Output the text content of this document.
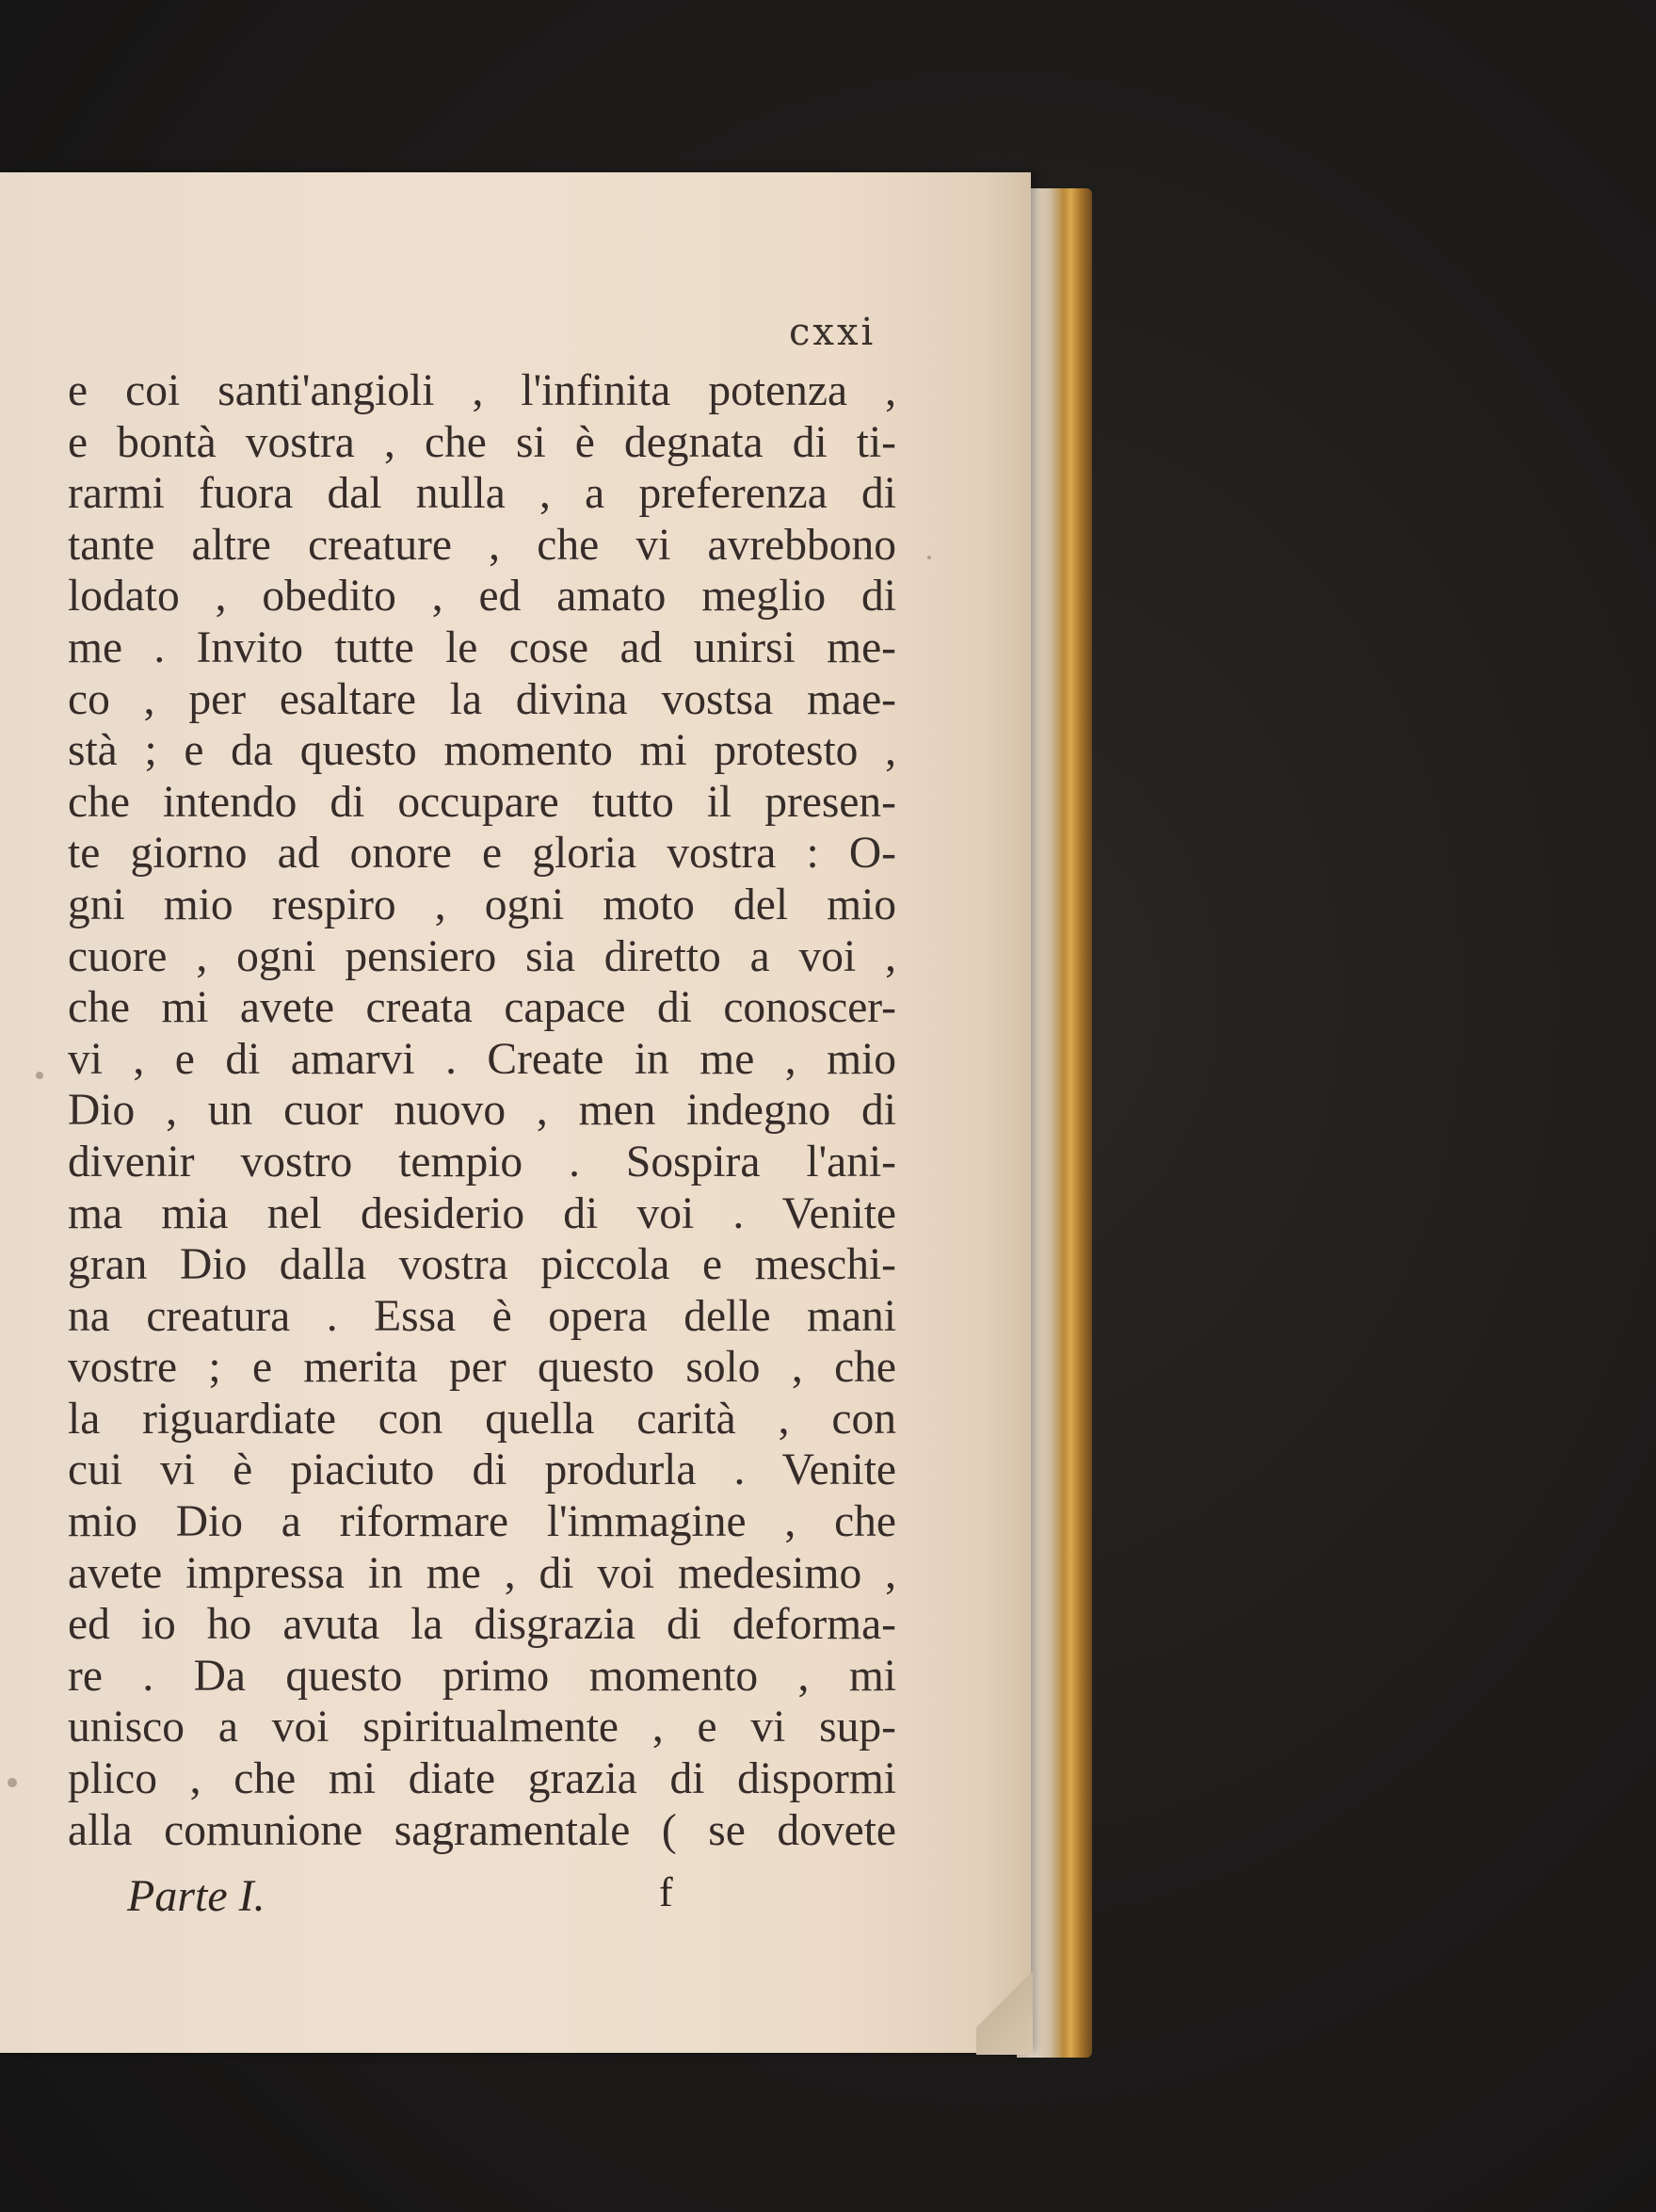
cxxi
e coi santi'angioli , l'infinita potenza ,
e bontà vostra , che si è degnata di ti-
rarmi fuora dal nulla , a preferenza di
tante altre creature , che vi avrebbono
lodato , obedito , ed amato meglio di
me . Invito tutte le cose ad unirsi me-
co , per esaltare la divina vostsa maе-
stà ; e da questo momento mi protesto ,
che intendo di occupare tutto il presen-
te giorno ad onore e gloria vostra : O-
gni mio respiro , ogni moto del mio
cuore , ogni pensiero sia diretto a voi ,
che mi avete creata capace di conoscer-
vi , e di amarvi . Create in me , mio
Dio , un cuor nuovo , men indegno di
divenir vostro tempio . Sospira l'ani-
ma mia nel desiderio di voi . Venite
gran Dio dalla vostra piccola e meschi-
na creatura . Essa è opera delle mani
vostre ; e merita per questo solo , che
la riguardiate con quella carità , con
cui vi è piaciuto di produrla . Venite
mio Dio a riformare l'immagine , che
avete impressa in me , di voi medesimo ,
ed io ho avuta la disgrazia di deforma-
re . Da questo primo momento , mi
unisco a voi spiritualmente , e vi sup-
plico , che mi diate grazia di dispormi
alla comunione sagramentale ( se dovete
Parte I.	f
